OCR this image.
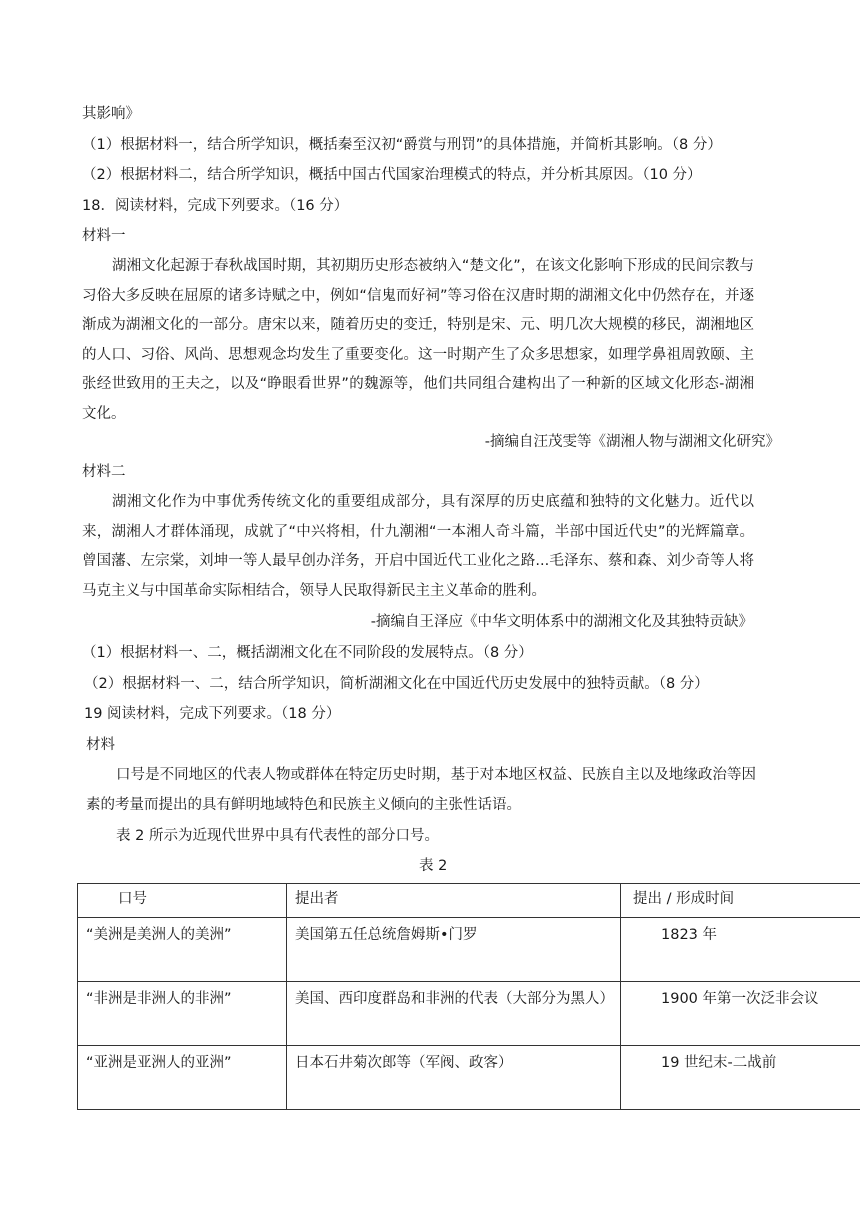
其影响》
（1）根据材料一，结合所学知识，概括秦至汉初“爵赏与刑罚”的具体措施，并简析其影响。（8 分）
（2）根据材料二，结合所学知识，概括中国古代国家治理模式的特点，并分析其原因。（10 分）
18．阅读材料，完成下列要求。（16 分）
材料一
湖湘文化起源于春秋战国时期，其初期历史形态被纳入“楚文化”，在该文化影响下形成的民间宗教与习俗大多反映在屈原的诸多诗赋之中，例如“信鬼而好祠”等习俗在汉唐时期的湖湘文化中仍然存在，并逐渐成为湖湘文化的一部分。唐宋以来，随着历史的变迁，特别是宋、元、明几次大规模的移民，湖湘地区的人口、习俗、风尚、思想观念均发生了重要变化。这一时期产生了众多思想家，如理学鼻祖周敦颐、主张经世致用的王夫之，以及“睁眼看世界”的魏源等，他们共同组合建构出了一种新的区域文化形态-湖湘文化。
-摘编自汪茂雯等《湖湘人物与湖湘文化研究》
材料二
湖湘文化作为中事优秀传统文化的重要组成部分，具有深厚的历史底蕴和独特的文化魅力。近代以来，湖湘人才群体涌现，成就了“中兴将相，什九潮湘“一本湘人奇斗篇，半部中国近代史”的光辉篇章。曾国藩、左宗棠，刘坤一等人最早创办洋务，开启中国近代工业化之路...毛泽东、蔡和森、刘少奇等人将马克主义与中国革命实际相结合，领导人民取得新民主主义革命的胜利。
-摘编自王泽应《中华文明体系中的湖湘文化及其独特贡缺》
（1）根据材料一、二，概括湖湘文化在不同阶段的发展特点。（8 分）
（2）根据材料一、二，结合所学知识，简析湖湘文化在中国近代历史发展中的独特贡献。（8 分）
19 阅读材料，完成下列要求。（18 分）
材料
口号是不同地区的代表人物或群体在特定历史时期，基于对本地区权益、民族自主以及地缘政治等因素的考量而提出的具有鲜明地域特色和民族主义倾向的主张性话语。
表 2 所示为近现代世界中具有代表性的部分口号。
表 2
口号	提出者	提出 / 形成时间
“美洲是美洲人的美洲”	美国第五任总统詹姆斯•门罗	1823 年
“非洲是非洲人的非洲”	美国、西印度群岛和非洲的代表（大部分为黑人）	1900 年第一次泛非会议
“亚洲是亚洲人的亚洲”	日本石井菊次郎等（军阀、政客）	19 世纪末-二战前
